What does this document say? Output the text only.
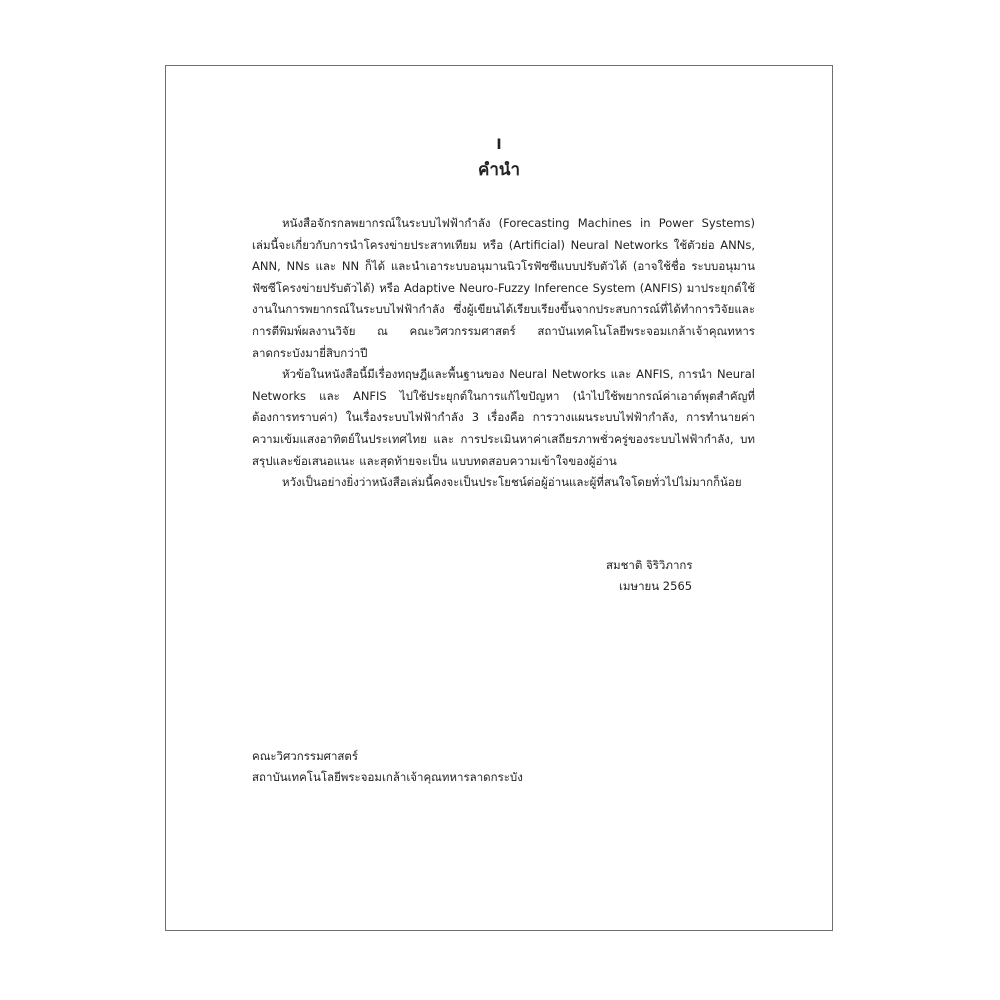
I
คำนำ

หนังสือจักรกลพยากรณ์ในระบบไฟฟ้ากำลัง (Forecasting Machines in Power Systems) เล่มนี้จะเกี่ยวกับการนำโครงข่ายประสาทเทียม หรือ (Artificial) Neural Networks ใช้ตัวย่อ ANNs, ANN, NNs และ NN ก็ได้ และนำเอาระบบอนุมานนิวโรฟัซซีแบบปรับตัวได้ (อาจใช้ชื่อ ระบบอนุมานฟัซซีโครงข่ายปรับตัวได้) หรือ Adaptive Neuro-Fuzzy Inference System (ANFIS) มาประยุกต์ใช้งานในการพยากรณ์ในระบบไฟฟ้ากำลัง ซึ่งผู้เขียนได้เรียบเรียงขึ้นจากประสบการณ์ที่ได้ทำการวิจัยและการตีพิมพ์ผลงานวิจัย ณ คณะวิศวกรรมศาสตร์ สถาบันเทคโนโลยีพระจอมเกล้าเจ้าคุณทหารลาดกระบังมายี่สิบกว่าปี

หัวข้อในหนังสือนี้มีเรื่องทฤษฎีและพื้นฐานของ Neural Networks และ ANFIS, การนำ Neural Networks และ ANFIS ไปใช้ประยุกต์ในการแก้ไขปัญหา (นำไปใช้พยากรณ์ค่าเอาต์พุตสำคัญที่ต้องการทราบค่า) ในเรื่องระบบไฟฟ้ากำลัง 3 เรื่องคือ การวางแผนระบบไฟฟ้ากำลัง, การทำนายค่าความเข้มแสงอาทิตย์ในประเทศไทย และ การประเมินหาค่าเสถียรภาพชั่วครู่ของระบบไฟฟ้ากำลัง, บทสรุปและข้อเสนอแนะ และสุดท้ายจะเป็น แบบทดสอบความเข้าใจของผู้อ่าน

หวังเป็นอย่างยิ่งว่าหนังสือเล่มนี้คงจะเป็นประโยชน์ต่อผู้อ่านและผู้ที่สนใจโดยทั่วไปไม่มากก็น้อย

สมชาติ จิริวิภากร
เมษายน 2565
คณะวิศวกรรมศาสตร์
สถาบันเทคโนโลยีพระจอมเกล้าเจ้าคุณทหารลาดกระบัง
